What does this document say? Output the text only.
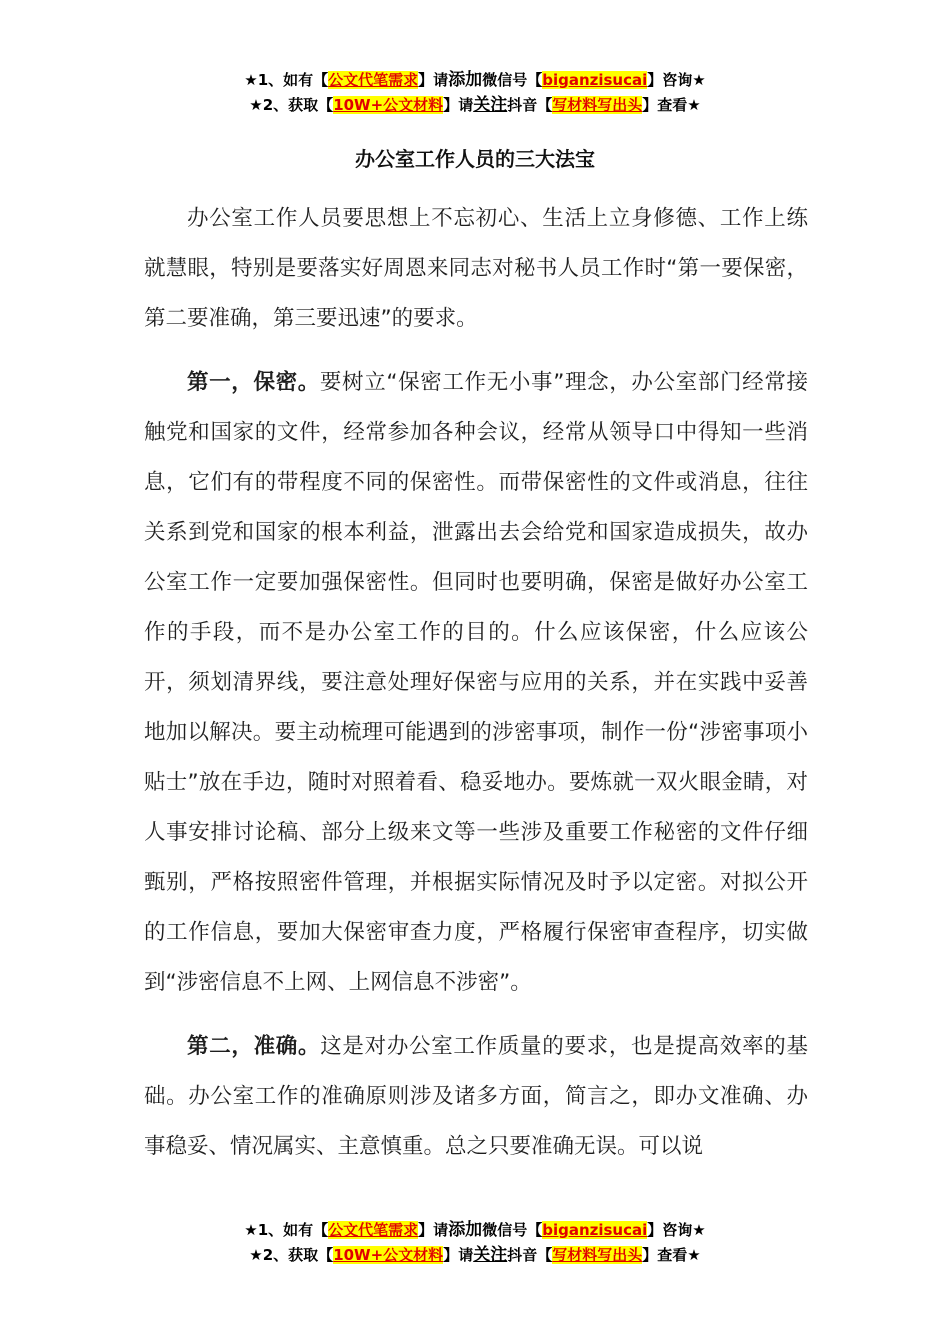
★1、如有【公文代笔需求】请添加微信号【biganzisucai】咨询★
★2、获取【10W+公文材料】请关注抖音【写材料写出头】查看★
办公室工作人员的三大法宝

办公室工作人员要思想上不忘初心、生活上立身修德、工作上练就慧眼，特别是要落实好周恩来同志对秘书人员工作时“第一要保密，第二要准确，第三要迅速”的要求。

第一，保密。要树立“保密工作无小事”理念，办公室部门经常接触党和国家的文件，经常参加各种会议，经常从领导口中得知一些消息，它们有的带程度不同的保密性。而带保密性的文件或消息，往往关系到党和国家的根本利益，泄露出去会给党和国家造成损失，故办公室工作一定要加强保密性。但同时也要明确，保密是做好办公室工作的手段，而不是办公室工作的目的。什么应该保密，什么应该公开，须划清界线，要注意处理好保密与应用的关系，并在实践中妥善地加以解决。要主动梳理可能遇到的涉密事项，制作一份“涉密事项小贴士”放在手边，随时对照着看、稳妥地办。要炼就一双火眼金睛，对人事安排讨论稿、部分上级来文等一些涉及重要工作秘密的文件仔细甄别，严格按照密件管理，并根据实际情况及时予以定密。对拟公开的工作信息，要加大保密审查力度，严格履行保密审查程序，切实做到“涉密信息不上网、上网信息不涉密”。

第二，准确。这是对办公室工作质量的要求，也是提高效率的基础。办公室工作的准确原则涉及诸多方面，简言之，即办文准确、办事稳妥、情况属实、主意慎重。总之只要准确无误。可以说

★1、如有【公文代笔需求】请添加微信号【biganzisucai】咨询★
★2、获取【10W+公文材料】请关注抖音【写材料写出头】查看★
